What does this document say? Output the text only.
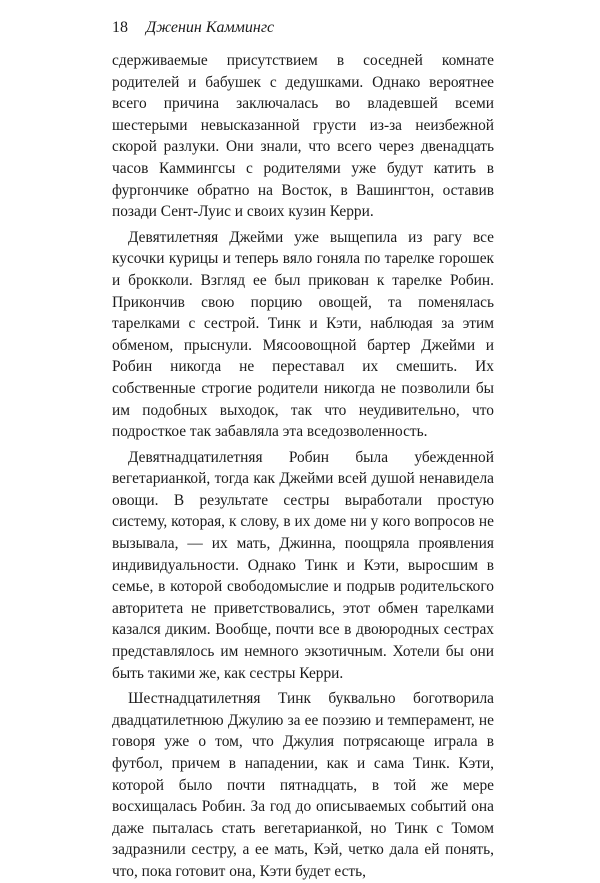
18 Дженин Каммингс

сдерживаемые присутствием в соседней комнате родителей и бабушек с дедушками. Однако вероятнее всего причина заключалась во владевшей всеми шестерыми невысказанной грусти из-за неизбежной скорой разлуки. Они знали, что всего через двенадцать часов Каммингсы с родителями уже будут катить в фургончике обратно на Восток, в Вашингтон, оставив позади Сент-Луис и своих кузин Керри.

Девятилетняя Джейми уже выщепила из рагу все кусочки курицы и теперь вяло гоняла по тарелке горошек и брокколи. Взгляд ее был прикован к тарелке Робин. Прикончив свою порцию овощей, та поменялась тарелками с сестрой. Тинк и Кэти, наблюдая за этим обменом, прыснули. Мясоовощной бартер Джейми и Робин никогда не переставал их смешить. Их собственные строгие родители никогда не позволили бы им подобных выходок, так что неудивительно, что подросткое так забавляла эта вседозволенность.

Девятнадцатилетняя Робин была убежденной вегетарианкой, тогда как Джейми всей душой ненавидела овощи. В результате сестры выработали простую систему, которая, к слову, в их доме ни у кого вопросов не вызывала, — их мать, Джинна, поощряла проявления индивидуальности. Однако Тинк и Кэти, выросшим в семье, в которой свободомыслие и подрыв родительского авторитета не приветствовались, этот обмен тарелками казался диким. Вообще, почти все в двоюродных сестрах представлялось им немного экзотичным. Хотели бы они быть такими же, как сестры Керри.

Шестнадцатилетняя Тинк буквально боготворила двадцатилетнюю Джулию за ее поэзию и темперамент, не говоря уже о том, что Джулия потрясающе играла в футбол, причем в нападении, как и сама Тинк. Кэти, которой было почти пятнадцать, в той же мере восхищалась Робин. За год до описываемых событий она даже пыталась стать вегетарианкой, но Тинк с Томом задразнили сестру, а ее мать, Кэй, четко дала ей понять, что, пока готовит она, Кэти будет есть,
